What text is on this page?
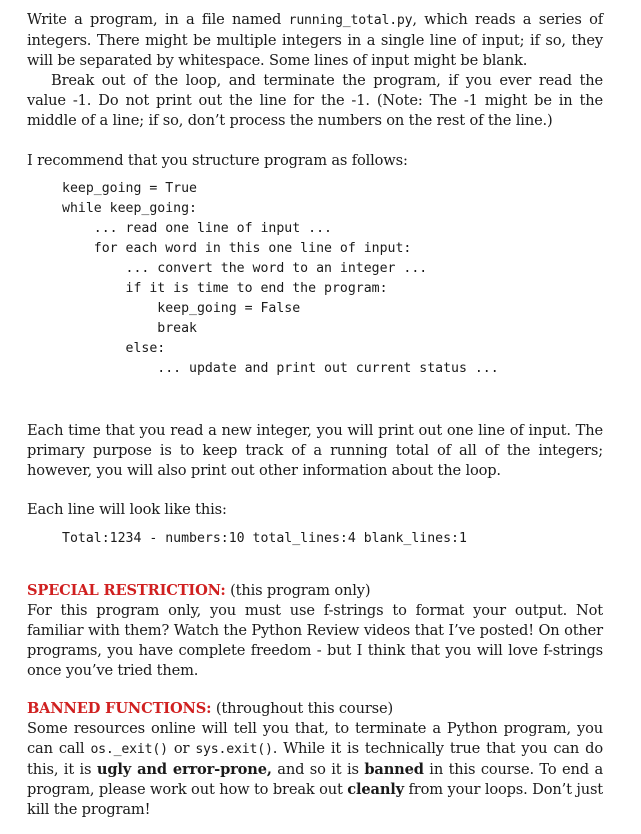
Write a program, in a file named running_total.py, which reads a series of integers. There might be multiple integers in a single line of input; if so, they will be separated by whitespace. Some lines of input might be blank.

Break out of the loop, and terminate the program, if you ever read the value -1. Do not print out the line for the -1. (Note: The -1 might be in the middle of a line; if so, don’t process the numbers on the rest of the line.)

I recommend that you structure program as follows:

keep_going = True
while keep_going:
... read one line of input ...
for each word in this one line of input:
... convert the word to an integer ...
if it is time to end the program:
keep_going = False
break
else:
... update and print out current status ...

Each time that you read a new integer, you will print out one line of input. The primary purpose is to keep track of a running total of all of the integers; however, you will also print out other information about the loop.

Each line will look like this:

Total:1234 - numbers:10 total_lines:4 blank_lines:1

SPECIAL RESTRICTION: (this program only)
For this program only, you must use f-strings to format your output. Not familiar with them? Watch the Python Review videos that I’ve posted! On other programs, you have complete freedom - but I think that you will love f-strings once you’ve tried them.

BANNED FUNCTIONS: (throughout this course)
Some resources online will tell you that, to terminate a Python program, you can call os._exit() or sys.exit(). While it is technically true that you can do this, it is ugly and error-prone, and so it is banned in this course. To end a program, please work out how to break out cleanly from your loops. Don’t just kill the program!
